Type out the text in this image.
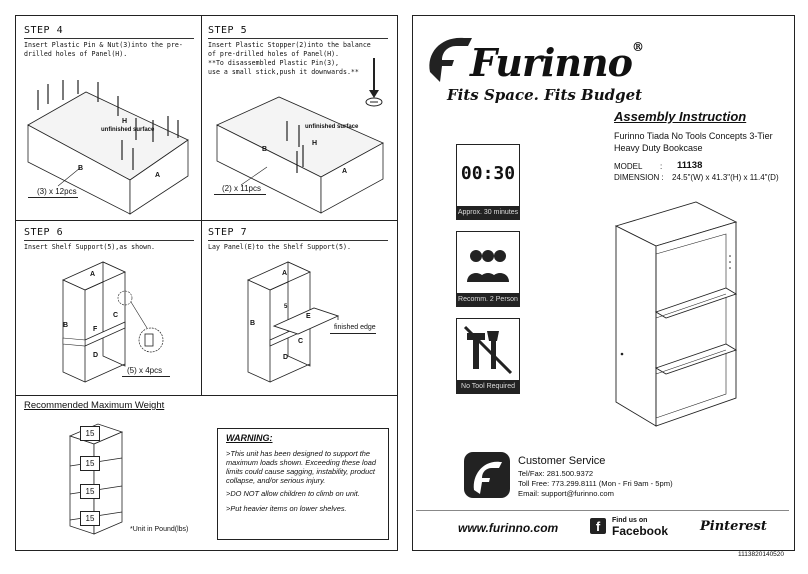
STEP 4
Insert Plastic Pin & Nut(3)into the pre-
drilled holes of Panel(H).
unfinished surface
H
B
A
(3) x 12pcs
STEP 5
Insert Plastic Stopper(2)into the balance
of pre-drilled holes of Panel(H).
**To disassembled Plastic Pin(3),
use a small stick,push it downwards.**
unfinished surface
H
B
A
(2) x 11pcs
STEP 6
Insert Shelf Support(5),as shown.
A
B
C
F
D
(5) x 4pcs
STEP 7
Lay Panel(E)to the Shelf Support(5).
A
5
E
B
C
D
finished edge
Recommended Maximum Weight
15
15
15
15
*Unit in Pound(lbs)
WARNING:
>This unit has been designed to support the maximum loads shown. Exceeding these load limits could cause sagging, instability, product collapse, and/or serious injury.
>DO NOT allow children to climb on unit.
>Put heavier items on lower shelves.
Furinno®
Fits Space. Fits Budget
Assembly Instruction
Furinno Tiada No Tools Concepts 3-Tier Heavy Duty Bookcase
MODEL : 11138
DIMENSION : 24.5"(W) x 41.3"(H) x 11.4"(D)
00:30
Approx. 30 minutes
Recomm. 2 Person
No Tool Required
Customer Service
Tel/Fax: 281.500.9372
Toll Free: 773.299.8111 (Mon - Fri 9am - 5pm)
Email: support@furinno.com
www.furinno.com	f	Find us on
Facebook Pinterest
1113820140520
